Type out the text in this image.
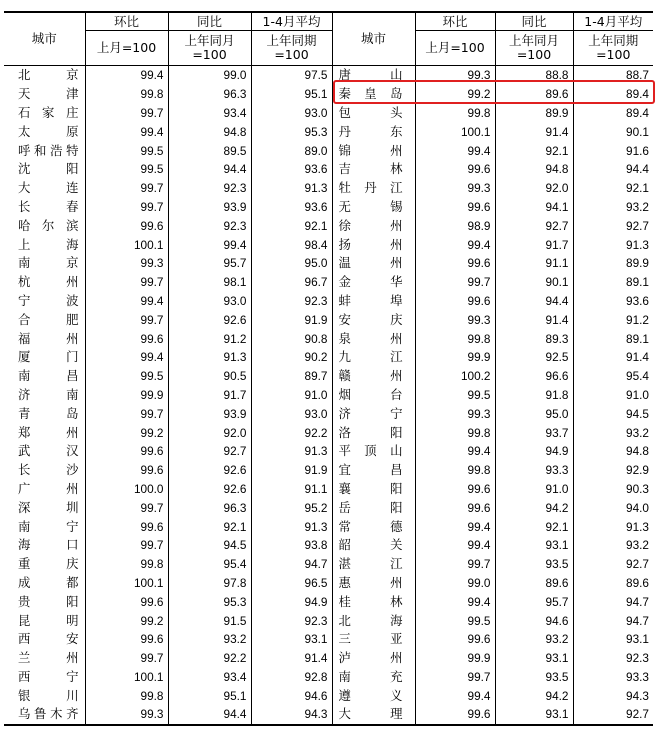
城市	环比	同比	1-4月平均	城市	环比	同比	1-4月平均
	上月=100	上年同月=100	上年同期=100		上月=100	上年同月=100	上年同期=100
北京	99.4	99.0	97.5	唐山	99.3	88.8	88.7
天津	99.8	96.3	95.1	秦皇岛	99.2	89.6	89.4
石家庄	99.7	93.4	93.0	包头	99.8	89.9	89.4
太原	99.4	94.8	95.3	丹东	100.1	91.4	90.1
呼和浩特	99.5	89.5	89.0	锦州	99.4	92.1	91.6
沈阳	99.5	94.4	93.6	吉林	99.6	94.8	94.4
大连	99.7	92.3	91.3	牡丹江	99.3	92.0	92.1
长春	99.7	93.9	93.6	无锡	99.6	94.1	93.2
哈尔滨	99.6	92.3	92.1	徐州	98.9	92.7	92.7
上海	100.1	99.4	98.4	扬州	99.4	91.7	91.3
南京	99.3	95.7	95.0	温州	99.6	91.1	89.9
杭州	99.7	98.1	96.7	金华	99.7	90.1	89.1
宁波	99.4	93.0	92.3	蚌埠	99.6	94.4	93.6
合肥	99.7	92.6	91.9	安庆	99.3	91.4	91.2
福州	99.6	91.2	90.8	泉州	99.8	89.3	89.1
厦门	99.4	91.3	90.2	九江	99.9	92.5	91.4
南昌	99.5	90.5	89.7	赣州	100.2	96.6	95.4
济南	99.9	91.7	91.0	烟台	99.5	91.8	91.0
青岛	99.7	93.9	93.0	济宁	99.3	95.0	94.5
郑州	99.2	92.0	92.2	洛阳	99.8	93.7	93.2
武汉	99.6	92.7	91.3	平顶山	99.4	94.9	94.8
长沙	99.6	92.6	91.9	宜昌	99.8	93.3	92.9
广州	100.0	92.6	91.1	襄阳	99.6	91.0	90.3
深圳	99.7	96.3	95.2	岳阳	99.6	94.2	94.0
南宁	99.6	92.1	91.3	常德	99.4	92.1	91.3
海口	99.7	94.5	93.8	韶关	99.4	93.1	93.2
重庆	99.8	95.4	94.7	湛江	99.7	93.5	92.7
成都	100.1	97.8	96.5	惠州	99.0	89.6	89.6
贵阳	99.6	95.3	94.9	桂林	99.4	95.7	94.7
昆明	99.2	91.5	92.3	北海	99.5	94.6	94.7
西安	99.6	93.2	93.1	三亚	99.6	93.2	93.1
兰州	99.7	92.2	91.4	泸州	99.9	93.1	92.3
西宁	100.1	93.4	92.8	南充	99.7	93.5	93.3
银川	99.8	95.1	94.6	遵义	99.4	94.2	94.3
乌鲁木齐	99.3	94.4	94.3	大理	99.6	93.1	92.7
